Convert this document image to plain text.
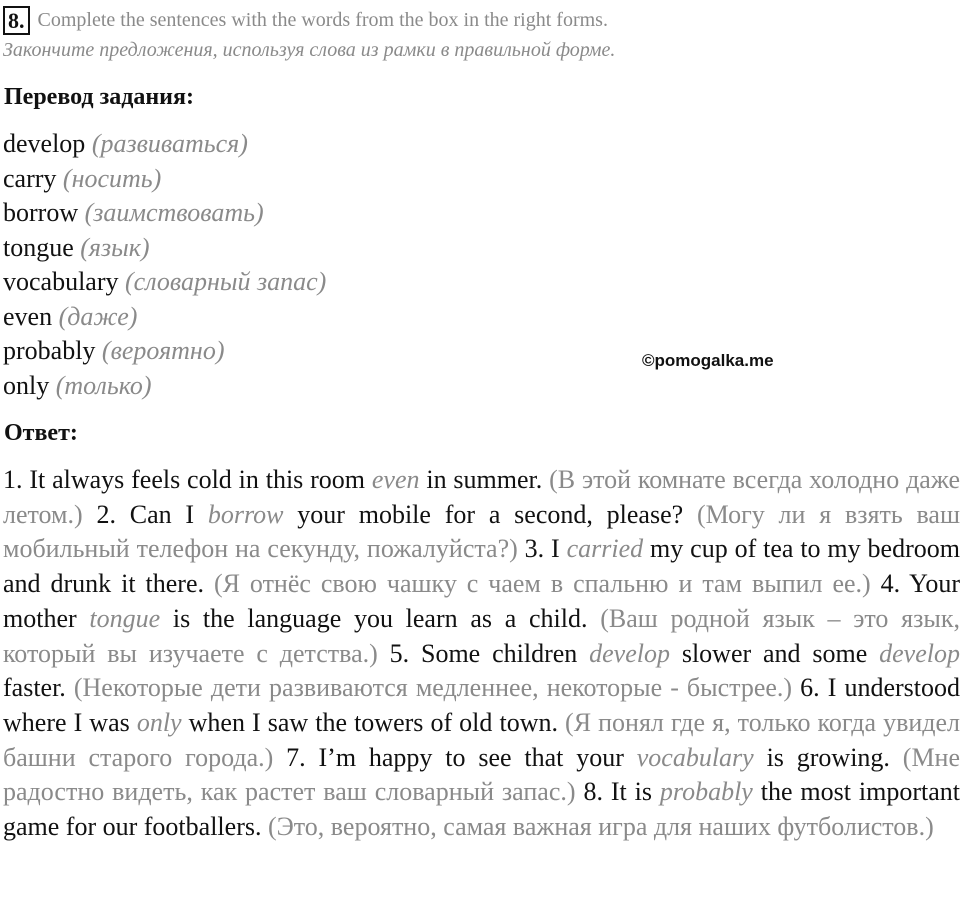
8. Complete the sentences with the words from the box in the right forms.
Закончите предложения, используя слова из рамки в правильной форме.
Перевод задания:
develop (развиваться)
carry (носить)
borrow (заимствовать)
tongue (язык)
vocabulary (словарный запас)
even (даже)
probably (вероятно)
only (только)
©pomogalka.me
Ответ:

1. It always feels cold in this room even in summer. (В этой комнате всегда холодно даже летом.) 2. Can I borrow your mobile for a second, please? (Могу ли я взять ваш мобильный телефон на секунду, пожалуйста?) 3. I carried my cup of tea to my bedroom and drunk it there. (Я отнёс свою чашку с чаем в спальню и там выпил ее.) 4. Your mother tongue is the language you learn as a child. (Ваш родной язык – это язык, который вы изучаете с детства.) 5. Some children develop slower and some develop faster. (Некоторые дети развиваются медленнее, некоторые - быстрее.) 6. I understood where I was only when I saw the towers of old town. (Я понял где я, только когда увидел башни старого города.) 7. I’m happy to see that your vocabulary is growing. (Мне радостно видеть, как растет ваш словарный запас.) 8. It is probably the most important game for our footballers. (Это, вероятно, самая важная игра для наших футболистов.)
